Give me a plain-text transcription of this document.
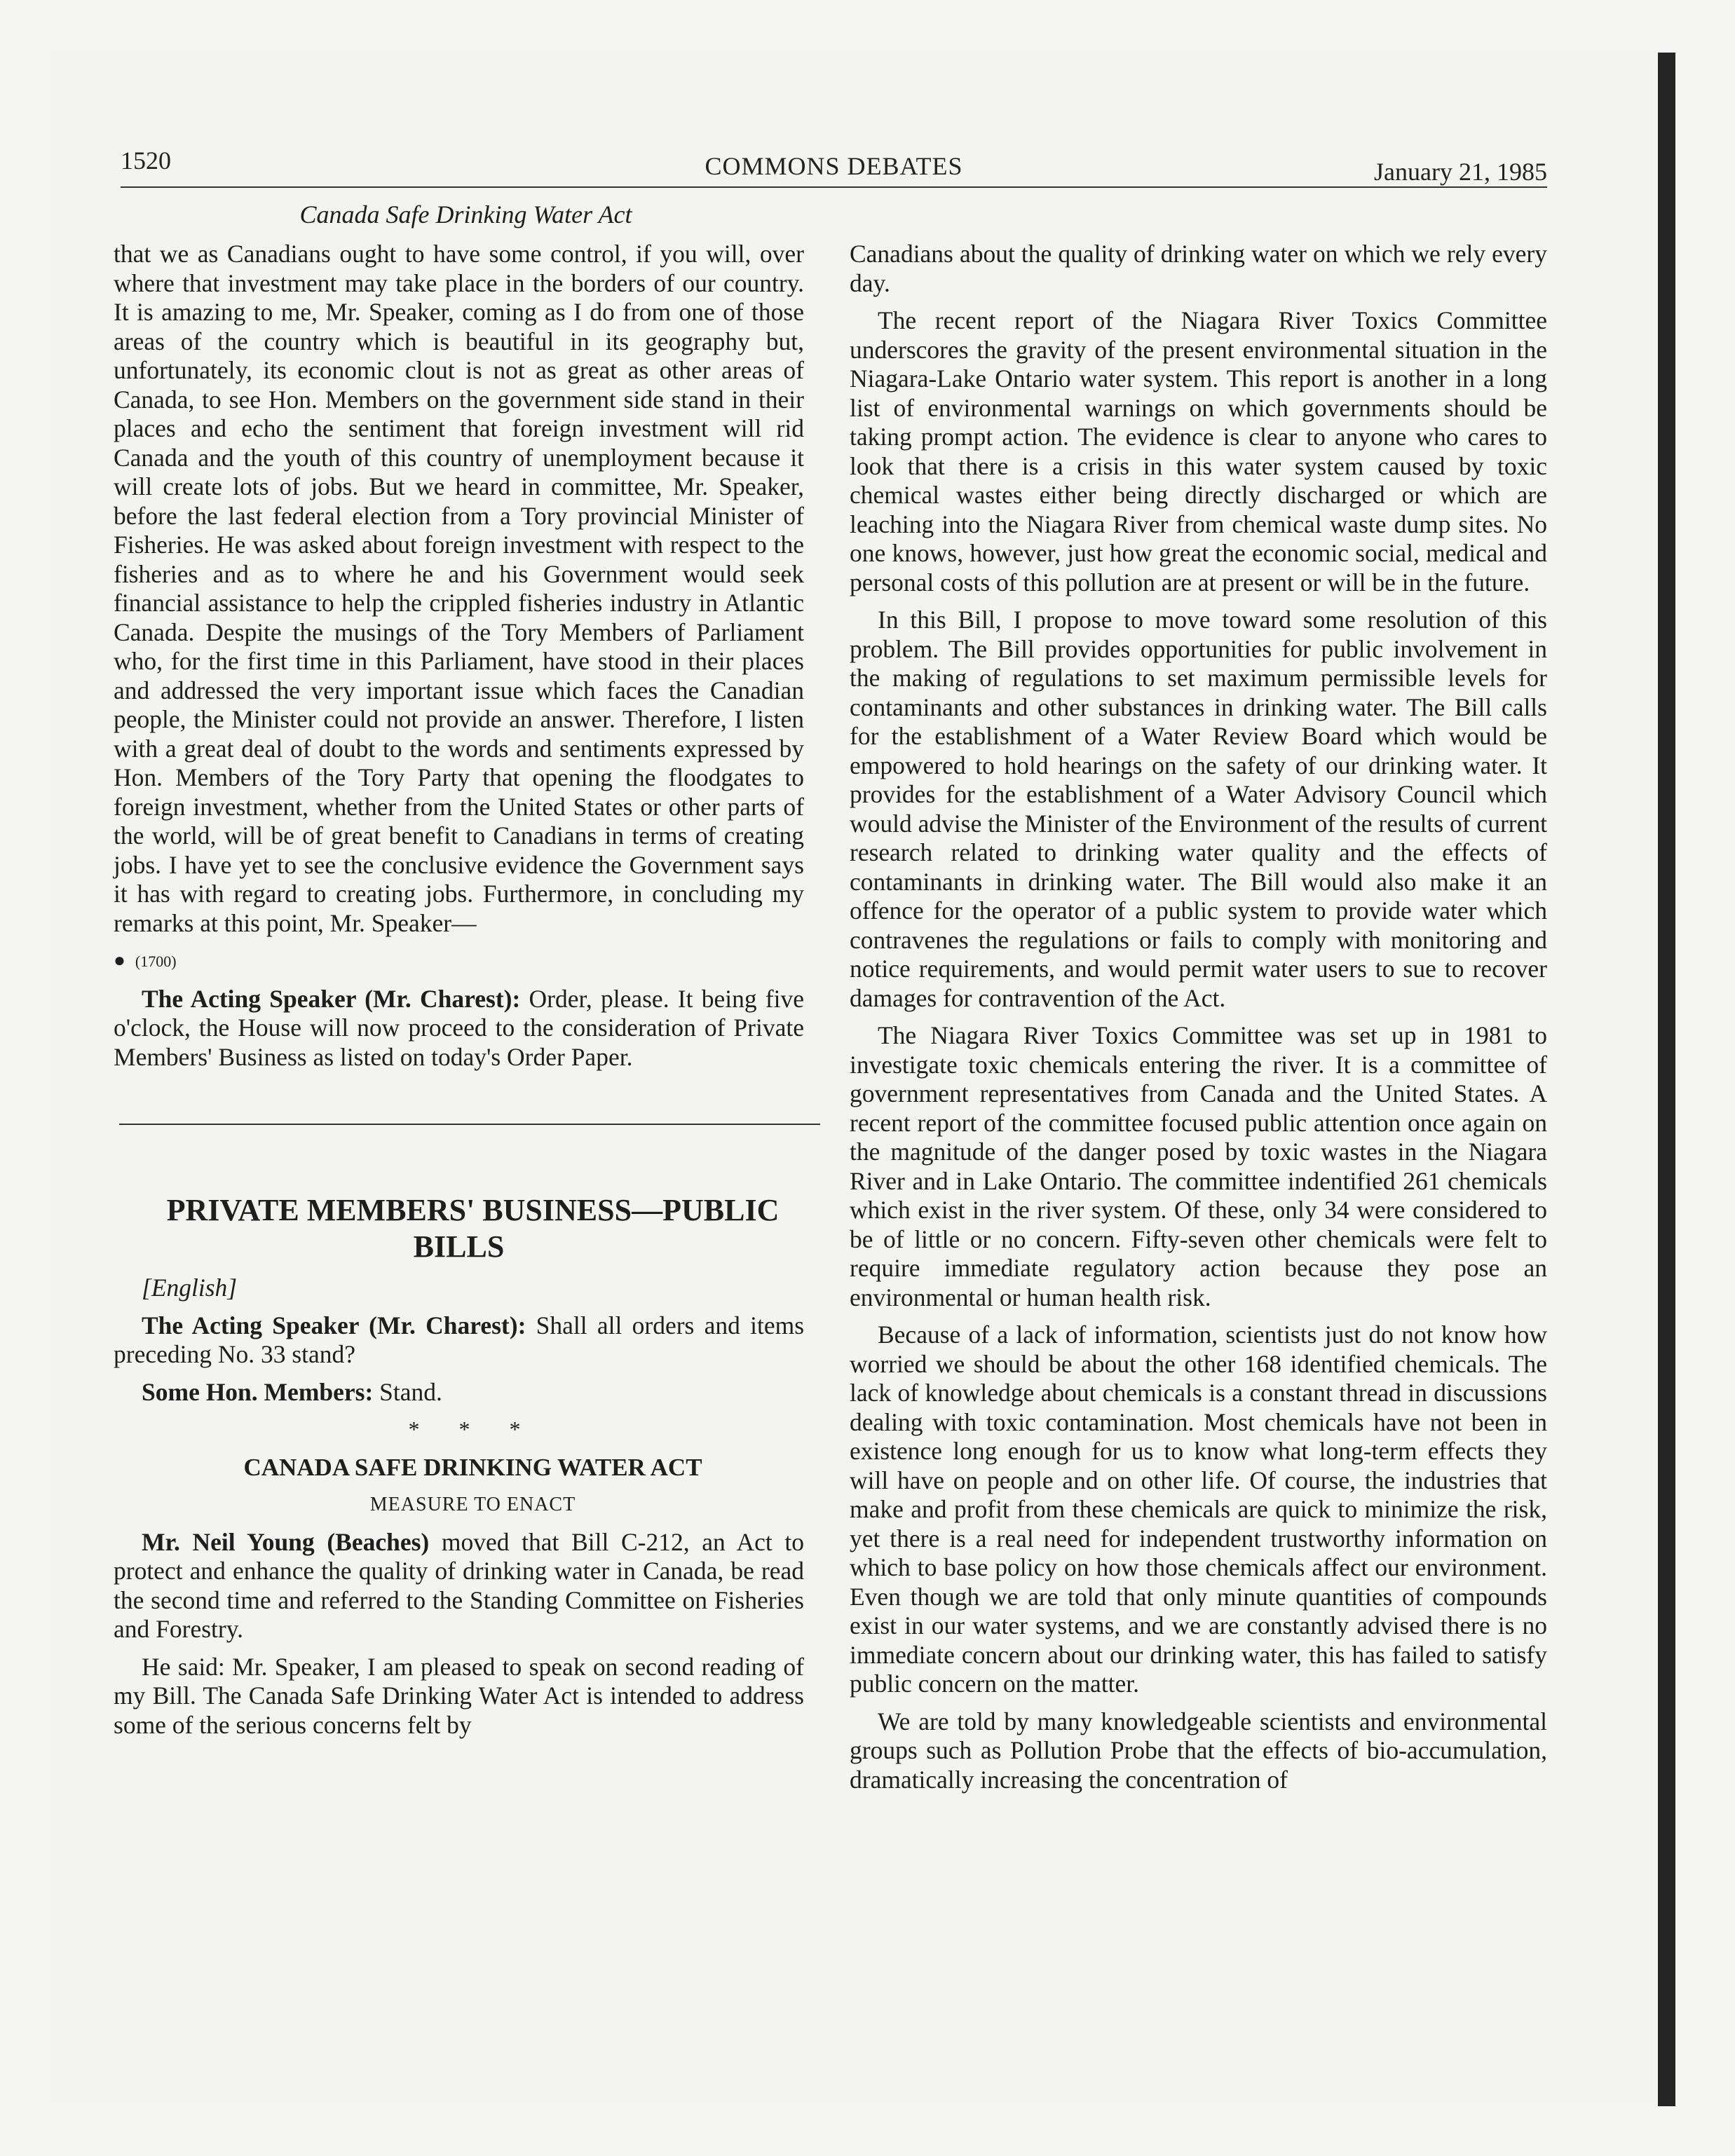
1520	COMMONS DEBATES	January 21, 1985
Canada Safe Drinking Water Act

that we as Canadians ought to have some control, if you will, over where that investment may take place in the borders of our country. It is amazing to me, Mr. Speaker, coming as I do from one of those areas of the country which is beautiful in its geography but, unfortunately, its economic clout is not as great as other areas of Canada, to see Hon. Members on the government side stand in their places and echo the sentiment that foreign investment will rid Canada and the youth of this country of unemployment because it will create lots of jobs. But we heard in committee, Mr. Speaker, before the last federal election from a Tory provincial Minister of Fisheries. He was asked about foreign investment with respect to the fisheries and as to where he and his Government would seek financial assistance to help the crippled fisheries industry in Atlantic Canada. Despite the musings of the Tory Members of Parliament who, for the first time in this Parliament, have stood in their places and addressed the very important issue which faces the Canadian people, the Minister could not provide an answer. Therefore, I listen with a great deal of doubt to the words and sentiments expressed by Hon. Members of the Tory Party that opening the floodgates to foreign investment, whether from the United States or other parts of the world, will be of great benefit to Canadians in terms of creating jobs. I have yet to see the conclusive evidence the Government says it has with regard to creating jobs. Furthermore, in concluding my remarks at this point, Mr. Speaker—

● (1700)

The Acting Speaker (Mr. Charest): Order, please. It being five o'clock, the House will now proceed to the consideration of Private Members' Business as listed on today's Order Paper.

PRIVATE MEMBERS' BUSINESS—PUBLIC BILLS

[English]

The Acting Speaker (Mr. Charest): Shall all orders and items preceding No. 33 stand?

Some Hon. Members: Stand.

* * *

CANADA SAFE DRINKING WATER ACT

MEASURE TO ENACT

Mr. Neil Young (Beaches) moved that Bill C-212, an Act to protect and enhance the quality of drinking water in Canada, be read the second time and referred to the Standing Committee on Fisheries and Forestry.

He said: Mr. Speaker, I am pleased to speak on second reading of my Bill. The Canada Safe Drinking Water Act is intended to address some of the serious concerns felt by

Canadians about the quality of drinking water on which we rely every day.

The recent report of the Niagara River Toxics Committee underscores the gravity of the present environmental situation in the Niagara-Lake Ontario water system. This report is another in a long list of environmental warnings on which governments should be taking prompt action. The evidence is clear to anyone who cares to look that there is a crisis in this water system caused by toxic chemical wastes either being directly discharged or which are leaching into the Niagara River from chemical waste dump sites. No one knows, however, just how great the economic social, medical and personal costs of this pollution are at present or will be in the future.

In this Bill, I propose to move toward some resolution of this problem. The Bill provides opportunities for public involvement in the making of regulations to set maximum permissible levels for contaminants and other substances in drinking water. The Bill calls for the establishment of a Water Review Board which would be empowered to hold hearings on the safety of our drinking water. It provides for the establishment of a Water Advisory Council which would advise the Minister of the Environment of the results of current research related to drinking water quality and the effects of contaminants in drinking water. The Bill would also make it an offence for the operator of a public system to provide water which contravenes the regulations or fails to comply with monitoring and notice requirements, and would permit water users to sue to recover damages for contravention of the Act.

The Niagara River Toxics Committee was set up in 1981 to investigate toxic chemicals entering the river. It is a committee of government representatives from Canada and the United States. A recent report of the committee focused public attention once again on the magnitude of the danger posed by toxic wastes in the Niagara River and in Lake Ontario. The committee indentified 261 chemicals which exist in the river system. Of these, only 34 were considered to be of little or no concern. Fifty-seven other chemicals were felt to require immediate regulatory action because they pose an environmental or human health risk.

Because of a lack of information, scientists just do not know how worried we should be about the other 168 identified chemicals. The lack of knowledge about chemicals is a constant thread in discussions dealing with toxic contamination. Most chemicals have not been in existence long enough for us to know what long-term effects they will have on people and on other life. Of course, the industries that make and profit from these chemicals are quick to minimize the risk, yet there is a real need for independent trustworthy information on which to base policy on how those chemicals affect our environment. Even though we are told that only minute quantities of compounds exist in our water systems, and we are constantly advised there is no immediate concern about our drinking water, this has failed to satisfy public concern on the matter.

We are told by many knowledgeable scientists and environmental groups such as Pollution Probe that the effects of bio-accumulation, dramatically increasing the concentration of
